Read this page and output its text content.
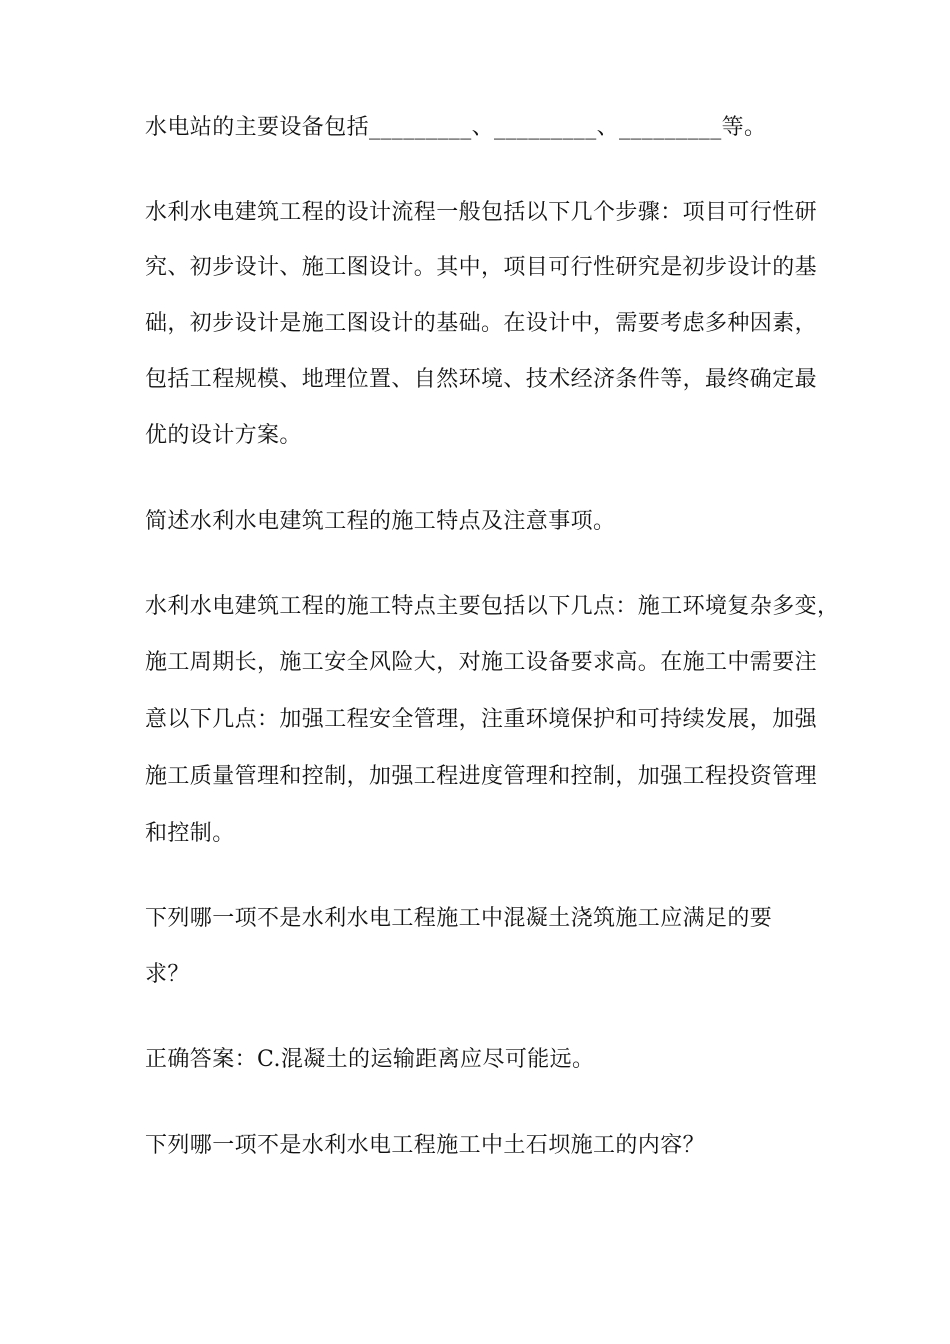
水电站的主要设备包括_________、_________、_________等。
水利水电建筑工程的设计流程一般包括以下几个步骤：项目可行性研
究、初步设计、施工图设计。其中，项目可行性研究是初步设计的基
础，初步设计是施工图设计的基础。在设计中，需要考虑多种因素，
包括工程规模、地理位置、自然环境、技术经济条件等，最终确定最
优的设计方案。
简述水利水电建筑工程的施工特点及注意事项。
水利水电建筑工程的施工特点主要包括以下几点：施工环境复杂多变，
施工周期长，施工安全风险大，对施工设备要求高。在施工中需要注
意以下几点：加强工程安全管理，注重环境保护和可持续发展，加强
施工质量管理和控制，加强工程进度管理和控制，加强工程投资管理
和控制。
下列哪一项不是水利水电工程施工中混凝土浇筑施工应满足的要
求？
正确答案：C.混凝土的运输距离应尽可能远。
下列哪一项不是水利水电工程施工中土石坝施工的内容？
